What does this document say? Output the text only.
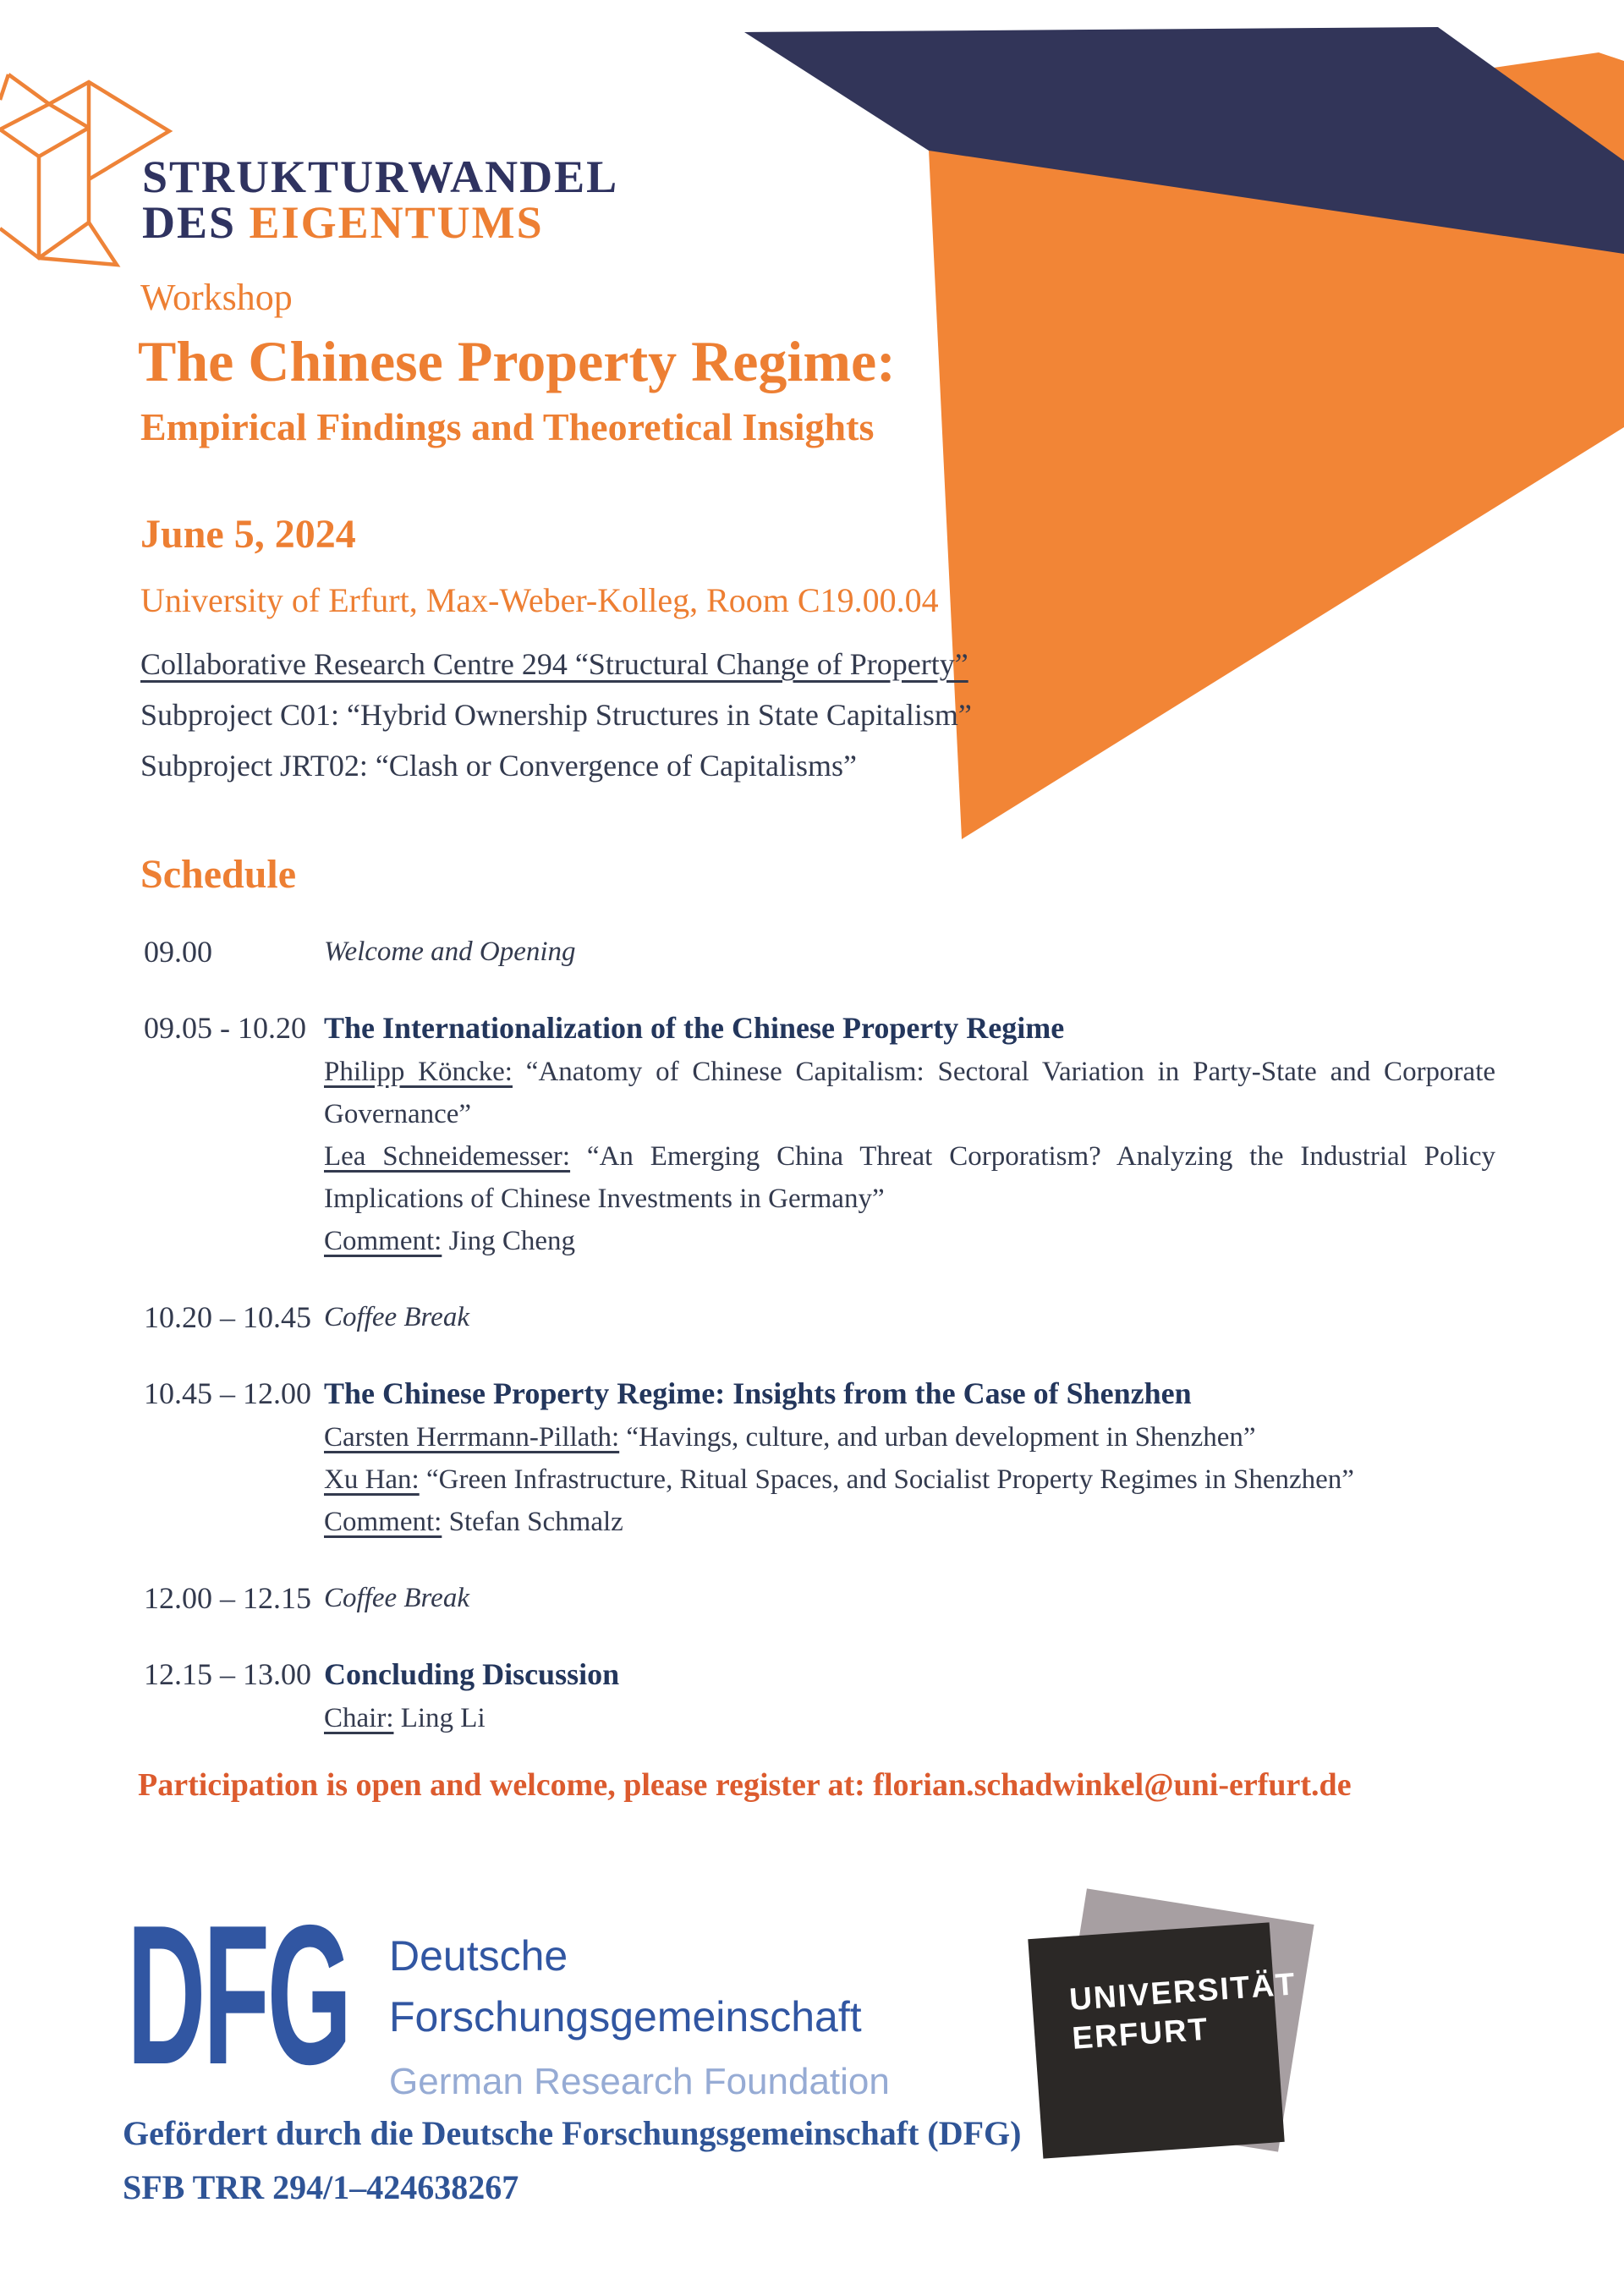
STRUKTURWANDEL
DES EIGENTUMS
Workshop
The Chinese Property Regime:
Empirical Findings and Theoretical Insights
June 5, 2024
University of Erfurt, Max-Weber-Kolleg, Room C19.00.04
Collaborative Research Centre 294 “Structural Change of Property”
Subproject C01: “Hybrid Ownership Structures in State Capitalism”
Subproject JRT02: “Clash or Convergence of Capitalisms”
Schedule
09.00	Welcome and Opening

09.05 - 10.20 The Internationalization of the Chinese Property Regime

Philipp Köncke: “Anatomy of Chinese Capitalism: Sectoral Variation in Party-State and Corporate Governance”

Lea Schneidemesser: “An Emerging China Threat Corporatism? Analyzing the Industrial Policy Implications of Chinese Investments in Germany”

Comment: Jing Cheng

10.20 – 10.45 Coffee Break

10.45 – 12.00 The Chinese Property Regime: Insights from the Case of Shenzhen

Carsten Herrmann-Pillath: “Havings, culture, and urban development in Shenzhen”

Xu Han: “Green Infrastructure, Ritual Spaces, and Socialist Property Regimes in Shenzhen”

Comment: Stefan Schmalz

12.00 – 12.15 Coffee Break

12.15 – 13.00 Concluding Discussion

Chair: Ling Li

Participation is open and welcome, please register at: florian.schadwinkel@uni-erfurt.de
DFG Deutsche
Forschungsgemeinschaft
German Research Foundation
UNIVERSITÄT
ERFURT
Gefördert durch die Deutsche Forschungsgemeinschaft (DFG)
SFB TRR 294/1–424638267
